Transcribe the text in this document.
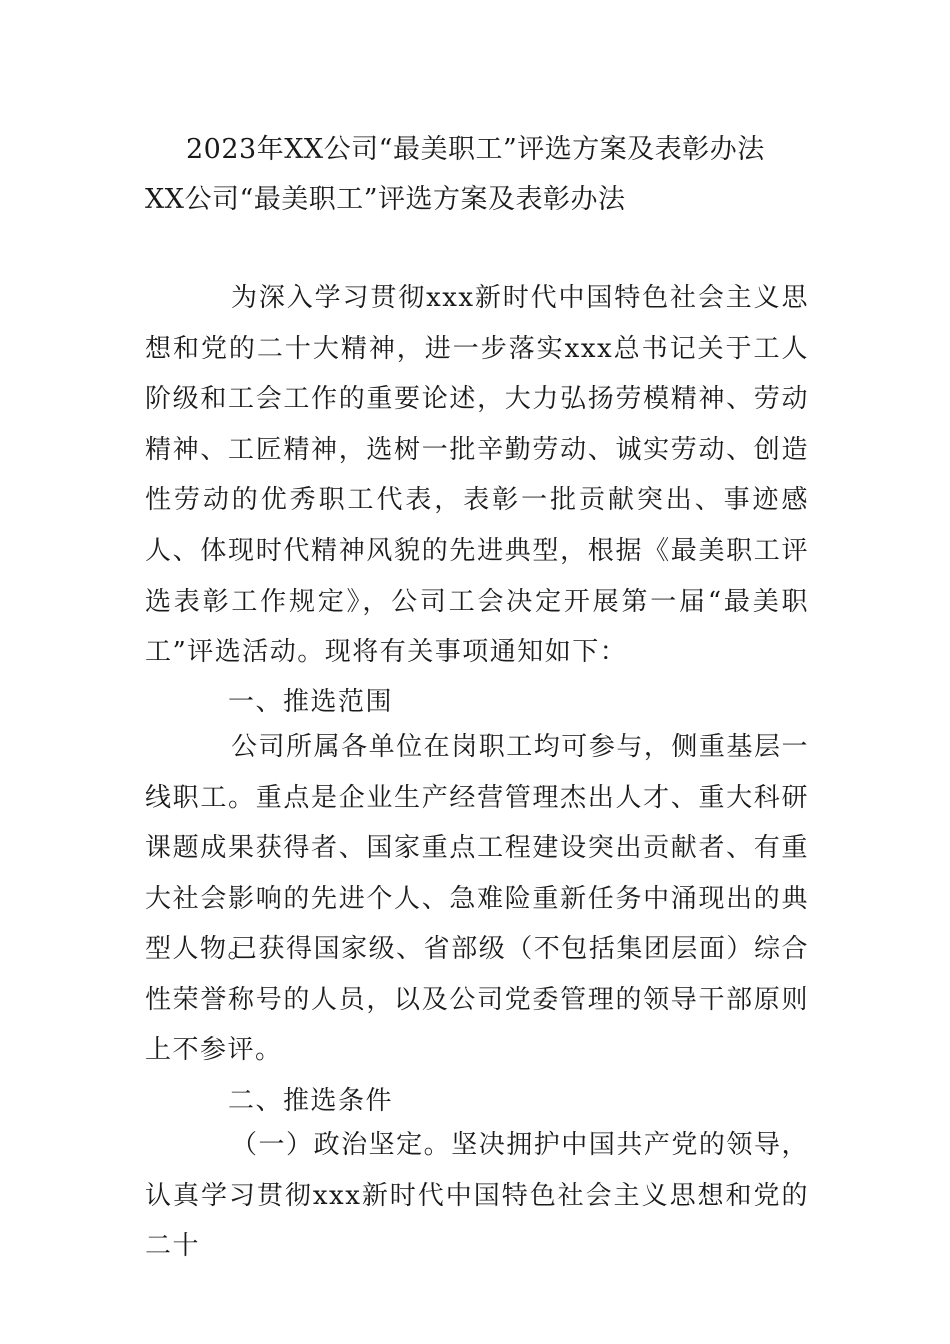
2023年XX公司“最美职工”评选方案及表彰办法
XX公司“最美职工”评选方案及表彰办法
为深入学习贯彻xxx新时代中国特色社会主义思想和党的二十大精神，进一步落实xxx总书记关于工人阶级和工会工作的重要论述，大力弘扬劳模精神、劳动精神、工匠精神，选树一批辛勤劳动、诚实劳动、创造性劳动的优秀职工代表，表彰一批贡献突出、事迹感人、体现时代精神风貌的先进典型，根据《最美职工评选表彰工作规定》，公司工会决定开展第一届“最美职工”评选活动。现将有关事项通知如下：
一、推选范围
公司所属各单位在岗职工均可参与，侧重基层一线职工。重点是企业生产经营管理杰出人才、重大科研课题成果获得者、国家重点工程建设突出贡献者、有重大社会影响的先进个人、急难险重新任务中涌现出的典型人物。
已获得国家级、省部级（不包括集团层面）综合性荣誉称号的人员，以及公司党委管理的领导干部原则上不参评。
二、推选条件
（一）政治坚定。坚决拥护中国共产党的领导，认真学习贯彻xxx新时代中国特色社会主义思想和党的二十
